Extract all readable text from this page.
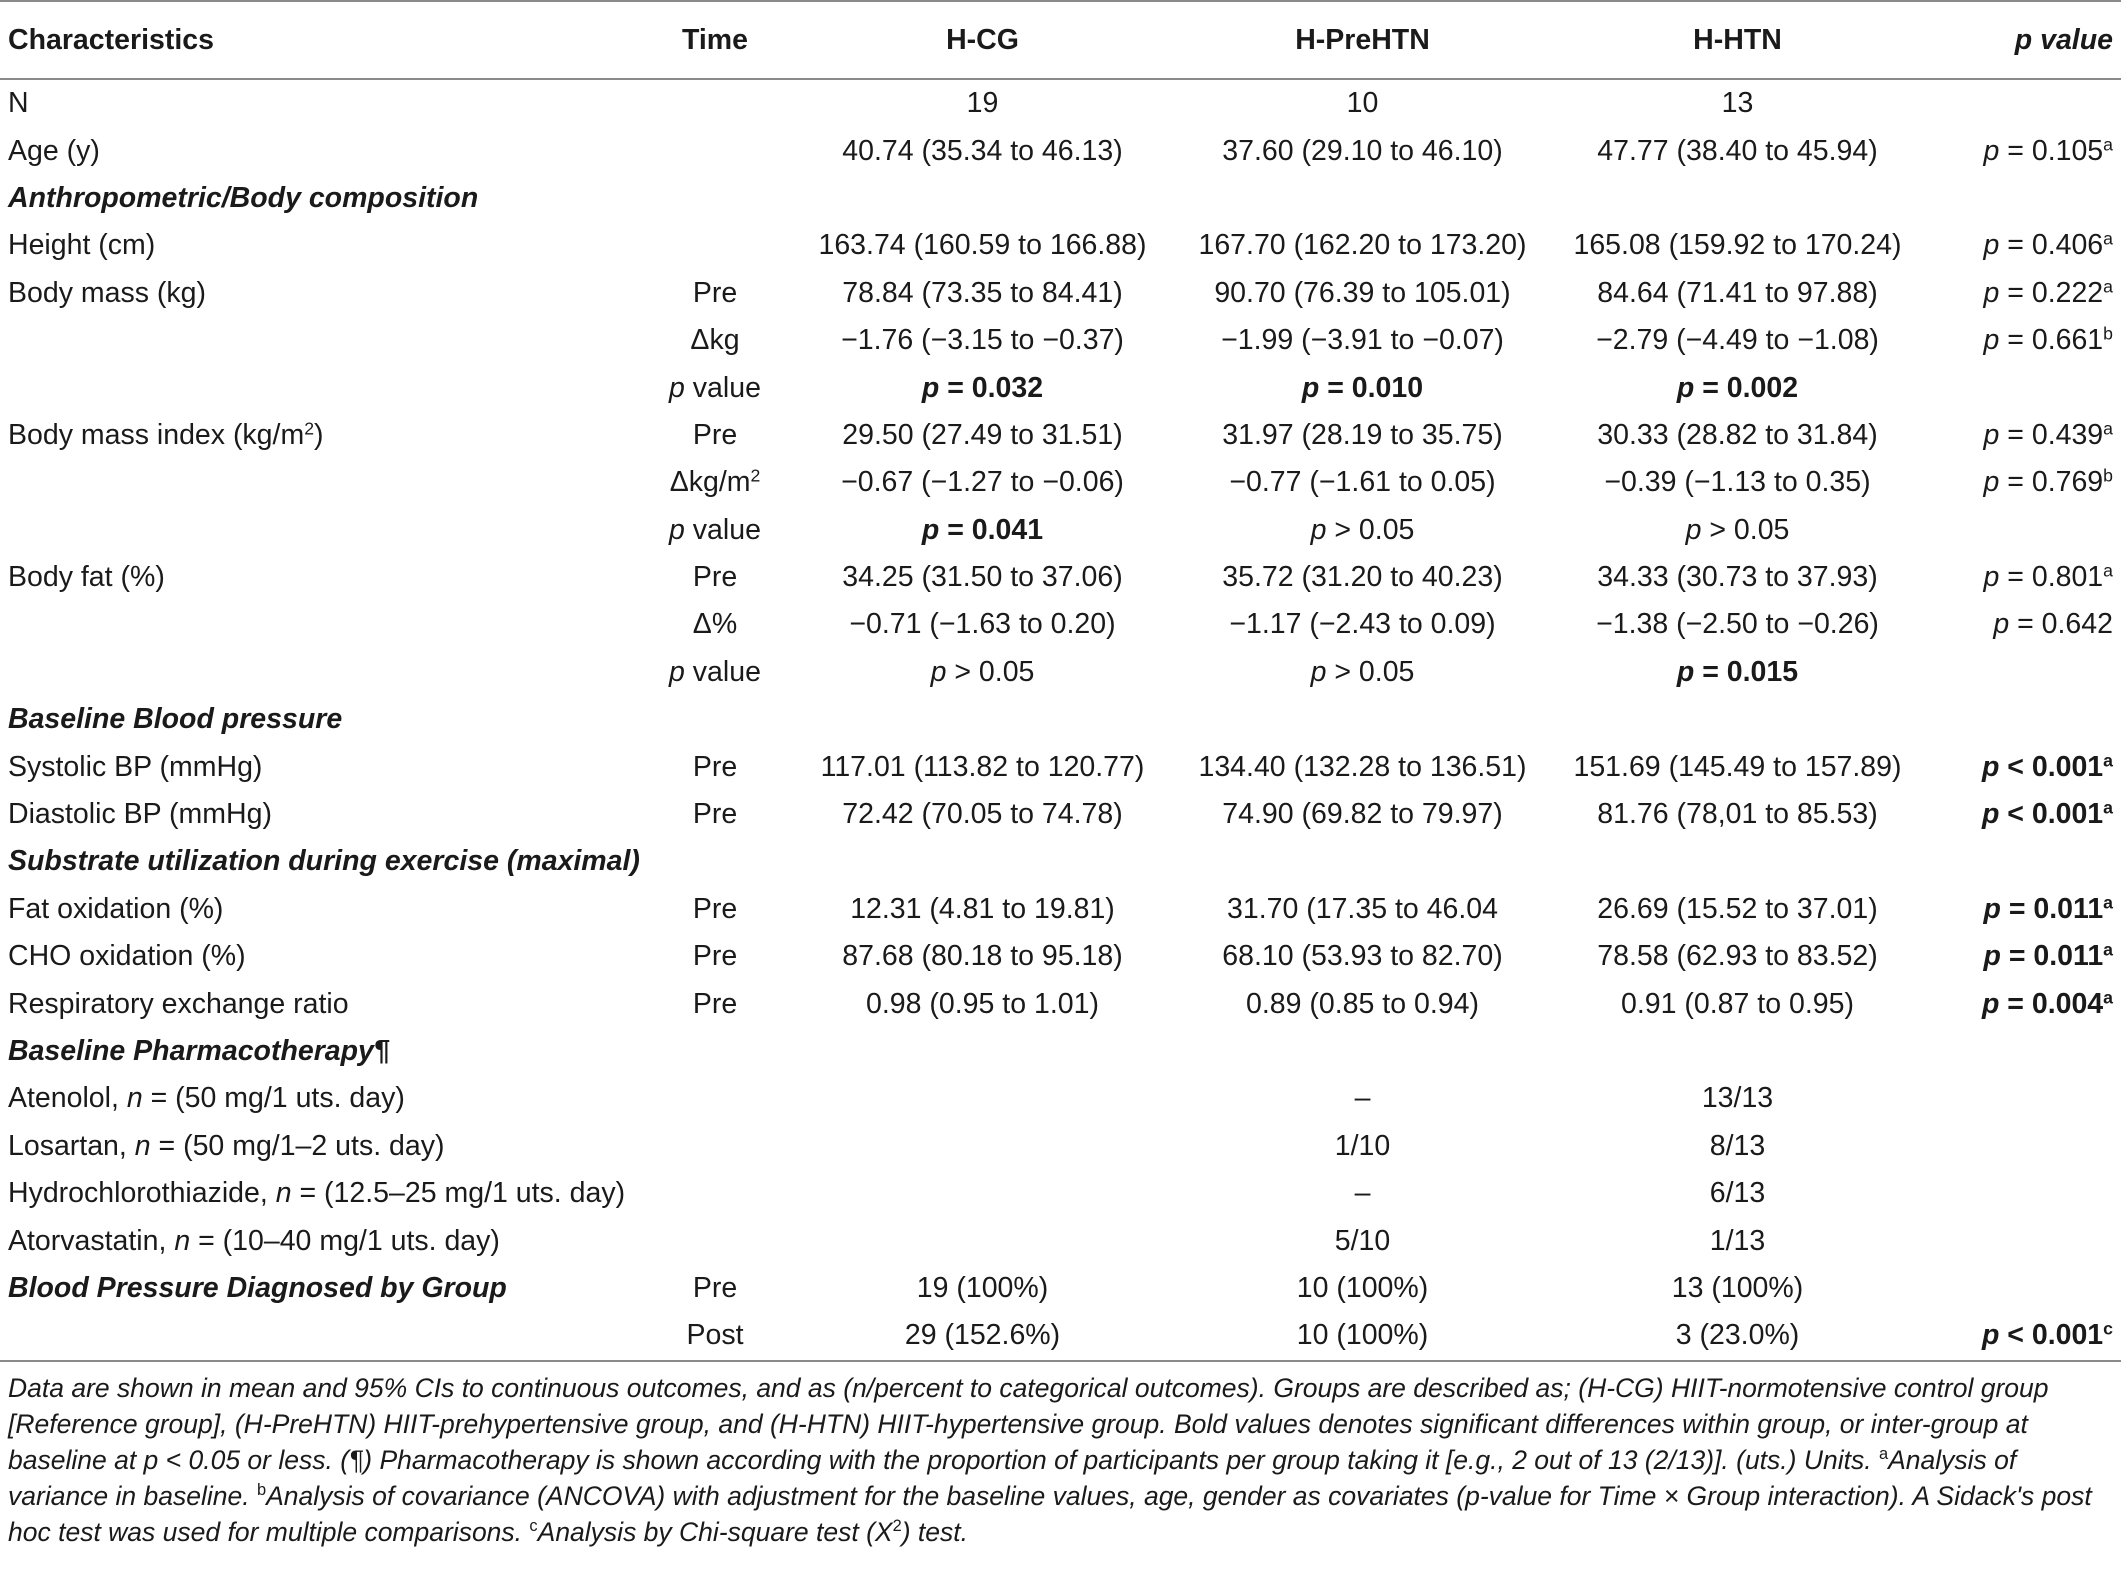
Characteristics	Time	H-CG	H-PreHTN	H-HTN	p value
N		19	10	13	
Age (y)		40.74 (35.34 to 46.13)	37.60 (29.10 to 46.10)	47.77 (38.40 to 45.94)	p = 0.105$^a$
Anthropometric/Body composition					
Height (cm)		163.74 (160.59 to 166.88)	167.70 (162.20 to 173.20)	165.08 (159.92 to 170.24)	p = 0.406$^a$
Body mass (kg)	Pre	78.84 (73.35 to 84.41)	90.70 (76.39 to 105.01)	84.64 (71.41 to 97.88)	p = 0.222$^a$
	Δkg	−1.76 (−3.15 to −0.37)	−1.99 (−3.91 to −0.07)	−2.79 (−4.49 to −1.08)	p = 0.661$^b$
	p value	p = 0.032	p = 0.010	p = 0.002	
Body mass index $(kg/m^2)$	Pre	29.50 (27.49 to 31.51)	31.97 (28.19 to 35.75)	30.33 (28.82 to 31.84)	p = 0.439$^a$
	Δkg/$m^2$	−0.67 (−1.27 to −0.06)	−0.77 (−1.61 to 0.05)	−0.39 (−1.13 to 0.35)	p = 0.769$^b$
	p value	p = 0.041	p > 0.05	p > 0.05	
Body fat (%)	Pre	34.25 (31.50 to 37.06)	35.72 (31.20 to 40.23)	34.33 (30.73 to 37.93)	p = 0.801$^a$
	Δ%	−0.71 (−1.63 to 0.20)	−1.17 (−2.43 to 0.09)	−1.38 (−2.50 to −0.26)	p = 0.642
	p value	p > 0.05	p > 0.05	p = 0.015	
Baseline Blood pressure					
Systolic BP (mmHg)	Pre	117.01 (113.82 to 120.77)	134.40 (132.28 to 136.51)	151.69 (145.49 to 157.89)	p < 0.001$^a$
Diastolic BP (mmHg)	Pre	72.42 (70.05 to 74.78)	74.90 (69.82 to 79.97)	81.76 (78,01 to 85.53)	p < 0.001$^a$
Substrate utilization during exercise (maximal)					
Fat oxidation (%)	Pre	12.31 (4.81 to 19.81)	31.70 (17.35 to 46.04	26.69 (15.52 to 37.01)	p = 0.011$^a$
CHO oxidation (%)	Pre	87.68 (80.18 to 95.18)	68.10 (53.93 to 82.70)	78.58 (62.93 to 83.52)	p = 0.011$^a$
Respiratory exchange ratio	Pre	0.98 (0.95 to 1.01)	0.89 (0.85 to 0.94)	0.91 (0.87 to 0.95)	p = 0.004$^a$
Baseline Pharmacotherapy¶					
Atenolol, n = (50 mg/1 uts. day)			–	13/13	
Losartan, n = (50 mg/1–2 uts. day)			1/10	8/13	
Hydrochlorothiazide, n = (12.5–25 mg/1 uts. day)			–	6/13	
Atorvastatin, n = (10–40 mg/1 uts. day)			5/10	1/13	
Blood Pressure Diagnosed by Group	Pre	19 (100%)	10 (100%)	13 (100%)	
	Post	29 (152.6%)	10 (100%)	3 (23.0%)	p < 0.001$^c$

Data are shown in mean and 95% CIs to continuous outcomes, and as (n/percent to categorical outcomes). Groups are described as; (H-CG) HIIT-normotensive control group [Reference group], (H-PreHTN) HIIT-prehypertensive group, and (H-HTN) HIIT-hypertensive group. Bold values denotes significant differences within group, or inter-group at baseline at p < 0.05 or less. (¶) Pharmacotherapy is shown according with the proportion of participants per group taking it [e.g., 2 out of 13 (2/13)]. (uts.) Units. $^a$Analysis of variance in baseline. $^b$Analysis of covariance (ANCOVA) with adjustment for the baseline values, age, gender as covariates (p-value for Time × Group interaction). A Sidack's post hoc test was used for multiple comparisons. $^c$Analysis by Chi-square test $(X^2)$ test.
